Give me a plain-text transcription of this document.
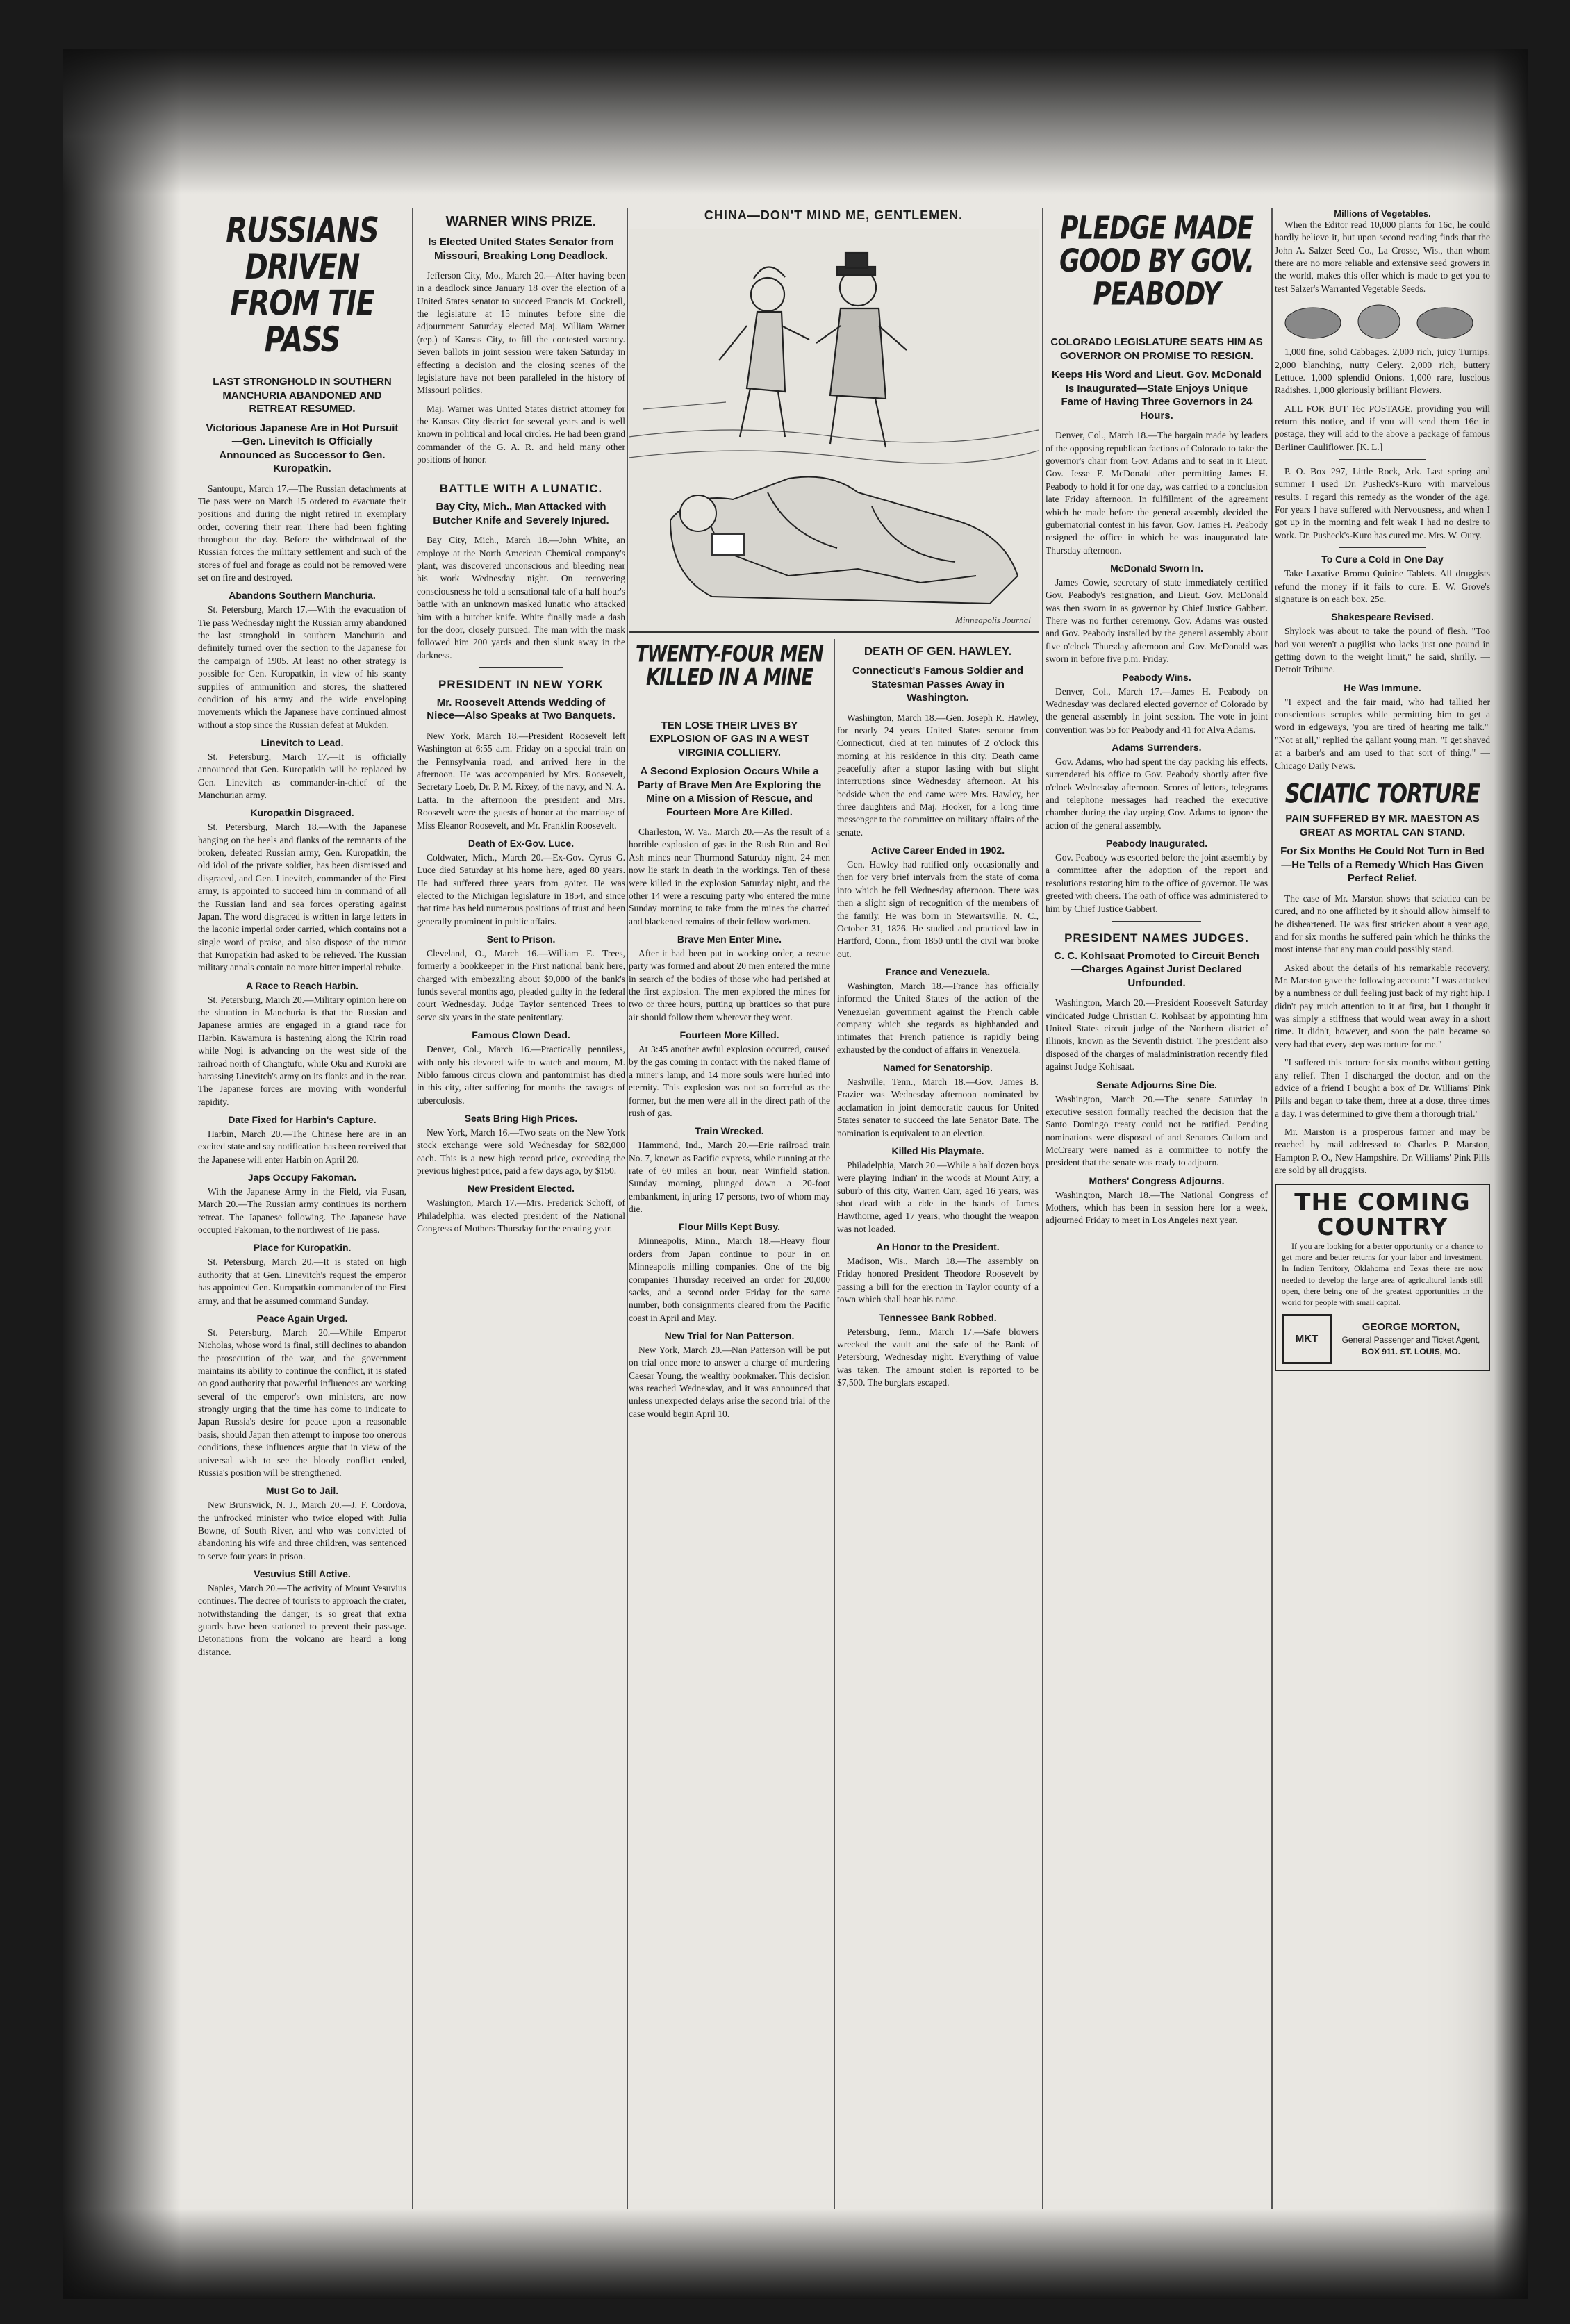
RUSSIANS DRIVEN FROM TIE PASS
LAST STRONGHOLD IN SOUTHERN MANCHURIA ABANDONED AND RETREAT RESUMED.
Victorious Japanese Are in Hot Pursuit—Gen. Linevitch Is Officially Announced as Successor to Gen. Kuropatkin.

Santoupu, March 17.—The Russian detachments at Tie pass were on March 15 ordered to evacuate their positions and during the night retired in exemplary order, covering their rear. There had been fighting throughout the day. Before the withdrawal of the Russian forces the military settlement and such of the stores of fuel and forage as could not be removed were set on fire and destroyed.

Abandons Southern Manchuria.

St. Petersburg, March 17.—With the evacuation of Tie pass Wednesday night the Russian army abandoned the last stronghold in southern Manchuria and definitely turned over the section to the Japanese for the campaign of 1905. At least no other strategy is possible for Gen. Kuropatkin, in view of his scanty supplies of ammunition and stores, the shattered condition of his army and the wide enveloping movements which the Japanese have continued almost without a stop since the Russian defeat at Mukden.

Linevitch to Lead.

St. Petersburg, March 17.—It is officially announced that Gen. Kuropatkin will be replaced by Gen. Linevitch as commander-in-chief of the Manchurian army.

Kuropatkin Disgraced.

St. Petersburg, March 18.—With the Japanese hanging on the heels and flanks of the remnants of the broken, defeated Russian army, Gen. Kuropatkin, the old idol of the private soldier, has been dismissed and disgraced, and Gen. Linevitch, commander of the First army, is appointed to succeed him in command of all the Russian land and sea forces operating against Japan. The word disgraced is written in large letters in the laconic imperial order carried, which contains not a single word of praise, and also dispose of the rumor that Kuropatkin had asked to be relieved. The Russian military annals contain no more bitter imperial rebuke.

A Race to Reach Harbin.

St. Petersburg, March 20.—Military opinion here on the situation in Manchuria is that the Russian and Japanese armies are engaged in a grand race for Harbin. Kawamura is hastening along the Kirin road while Nogi is advancing on the west side of the railroad north of Changtufu, while Oku and Kuroki are harassing Linevitch's army on its flanks and in the rear. The Japanese forces are moving with wonderful rapidity.

Date Fixed for Harbin's Capture.

Harbin, March 20.—The Chinese here are in an excited state and say notification has been received that the Japanese will enter Harbin on April 20.

Japs Occupy Fakoman.

With the Japanese Army in the Field, via Fusan, March 20.—The Russian army continues its northern retreat. The Japanese following. The Japanese have occupied Fakoman, to the northwest of Tie pass.

Place for Kuropatkin.

St. Petersburg, March 20.—It is stated on high authority that at Gen. Linevitch's request the emperor has appointed Gen. Kuropatkin commander of the First army, and that he assumed command Sunday.

Peace Again Urged.

St. Petersburg, March 20.—While Emperor Nicholas, whose word is final, still declines to abandon the prosecution of the war, and the government maintains its ability to continue the conflict, it is stated on good authority that powerful influences are working several of the emperor's own ministers, are now strongly urging that the time has come to indicate to Japan Russia's desire for peace upon a reasonable basis, should Japan then attempt to impose too onerous conditions, these influences argue that in view of the universal wish to see the bloody conflict ended, Russia's position will be strengthened.

Must Go to Jail.

New Brunswick, N. J., March 20.—J. F. Cordova, the unfrocked minister who twice eloped with Julia Bowne, of South River, and who was convicted of abandoning his wife and three children, was sentenced to serve four years in prison.

Vesuvius Still Active.

Naples, March 20.—The activity of Mount Vesuvius continues. The decree of tourists to approach the crater, notwithstanding the danger, is so great that extra guards have been stationed to prevent their passage. Detonations from the volcano are heard a long distance.

WARNER WINS PRIZE.
Is Elected United States Senator from Missouri, Breaking Long Deadlock.

Jefferson City, Mo., March 20.—After having been in a deadlock since January 18 over the election of a United States senator to succeed Francis M. Cockrell, the legislature at 15 minutes before sine die adjournment Saturday elected Maj. William Warner (rep.) of Kansas City, to fill the contested vacancy. Seven ballots in joint session were taken Saturday in effecting a decision and the closing scenes of the legislature have not been paralleled in the history of Missouri politics.

Maj. Warner was United States district attorney for the Kansas City district for several years and is well known in political and local circles. He had been grand commander of the G. A. R. and held many other positions of honor.

BATTLE WITH A LUNATIC.
Bay City, Mich., Man Attacked with Butcher Knife and Severely Injured.

Bay City, Mich., March 18.—John White, an employe at the North American Chemical company's plant, was discovered unconscious and bleeding near his work Wednesday night. On recovering consciousness he told a sensational tale of a half hour's battle with an unknown masked lunatic who attacked him with a butcher knife. White finally made a dash for the door, closely pursued. The man with the mask followed him 200 yards and then slunk away in the darkness.

PRESIDENT IN NEW YORK
Mr. Roosevelt Attends Wedding of Niece—Also Speaks at Two Banquets.

New York, March 18.—President Roosevelt left Washington at 6:55 a.m. Friday on a special train on the Pennsylvania road, and arrived here in the afternoon. He was accompanied by Mrs. Roosevelt, Secretary Loeb, Dr. P. M. Rixey, of the navy, and N. A. Latta. In the afternoon the president and Mrs. Roosevelt were the guests of honor at the marriage of Miss Eleanor Roosevelt, and Mr. Franklin Roosevelt.

Death of Ex-Gov. Luce.

Coldwater, Mich., March 20.—Ex-Gov. Cyrus G. Luce died Saturday at his home here, aged 80 years. He had suffered three years from goiter. He was elected to the Michigan legislature in 1854, and since that time has held numerous positions of trust and been generally prominent in public affairs.

Sent to Prison.

Cleveland, O., March 16.—William E. Trees, formerly a bookkeeper in the First national bank here, charged with embezzling about $9,000 of the bank's funds several months ago, pleaded guilty in the federal court Wednesday. Judge Taylor sentenced Trees to serve six years in the state penitentiary.

Famous Clown Dead.

Denver, Col., March 16.—Practically penniless, with only his devoted wife to watch and mourn, M. Niblo famous circus clown and pantomimist has died in this city, after suffering for months the ravages of tuberculosis.

Seats Bring High Prices.

New York, March 16.—Two seats on the New York stock exchange were sold Wednesday for $82,000 each. This is a new high record price, exceeding the previous highest price, paid a few days ago, by $150.

New President Elected.

Washington, March 17.—Mrs. Frederick Schoff, of Philadelphia, was elected president of the National Congress of Mothers Thursday for the ensuing year.

CHINA—DON'T MIND ME, GENTLEMEN.
Minneapolis Journal
TWENTY-FOUR MEN KILLED IN A MINE
TEN LOSE THEIR LIVES BY EXPLOSION OF GAS IN A WEST VIRGINIA COLLIERY.
A Second Explosion Occurs While a Party of Brave Men Are Exploring the Mine on a Mission of Rescue, and Fourteen More Are Killed.

Charleston, W. Va., March 20.—As the result of a horrible explosion of gas in the Rush Run and Red Ash mines near Thurmond Saturday night, 24 men now lie stark in death in the workings. Ten of these were killed in the explosion Saturday night, and the other 14 were a rescuing party who entered the mine Sunday morning to take from the mines the charred and blackened remains of their fellow workmen.

Brave Men Enter Mine.

After it had been put in working order, a rescue party was formed and about 20 men entered the mine in search of the bodies of those who had perished at the first explosion. The men explored the mines for two or three hours, putting up brattices so that pure air should follow them wherever they went.

Fourteen More Killed.

At 3:45 another awful explosion occurred, caused by the gas coming in contact with the naked flame of a miner's lamp, and 14 more souls were hurled into eternity. This explosion was not so forceful as the former, but the men were all in the direct path of the rush of gas.

Train Wrecked.

Hammond, Ind., March 20.—Erie railroad train No. 7, known as Pacific express, while running at the rate of 60 miles an hour, near Winfield station, Sunday morning, plunged down a 20-foot embankment, injuring 17 persons, two of whom may die.

Flour Mills Kept Busy.

Minneapolis, Minn., March 18.—Heavy flour orders from Japan continue to pour in on Minneapolis milling companies. One of the big companies Thursday received an order for 20,000 sacks, and a second order Friday for the same number, both consignments cleared from the Pacific coast in April and May.

New Trial for Nan Patterson.

New York, March 20.—Nan Patterson will be put on trial once more to answer a charge of murdering Caesar Young, the wealthy bookmaker. This decision was reached Wednesday, and it was announced that unless unexpected delays arise the second trial of the case would begin April 10.

DEATH OF GEN. HAWLEY.
Connecticut's Famous Soldier and Statesman Passes Away in Washington.

Washington, March 18.—Gen. Joseph R. Hawley, for nearly 24 years United States senator from Connecticut, died at ten minutes of 2 o'clock this morning at his residence in this city. Death came peacefully after a stupor lasting with but slight interruptions since Wednesday afternoon. At his bedside when the end came were Mrs. Hawley, her three daughters and Maj. Hooker, for a long time messenger to the committee on military affairs of the senate.

Active Career Ended in 1902.

Gen. Hawley had ratified only occasionally and then for very brief intervals from the state of coma into which he fell Wednesday afternoon. There was then a slight sign of recognition of the members of the family. He was born in Stewartsville, N. C., October 31, 1826. He studied and practiced law in Hartford, Conn., from 1850 until the civil war broke out.

France and Venezuela.

Washington, March 18.—France has officially informed the United States of the action of the Venezuelan government against the French cable company which she regards as highhanded and intimates that French patience is rapidly being exhausted by the conduct of affairs in Venezuela.

Named for Senatorship.

Nashville, Tenn., March 18.—Gov. James B. Frazier was Wednesday afternoon nominated by acclamation in joint democratic caucus for United States senator to succeed the late Senator Bate. The nomination is equivalent to an election.

Killed His Playmate.

Philadelphia, March 20.—While a half dozen boys were playing 'Indian' in the woods at Mount Airy, a suburb of this city, Warren Carr, aged 16 years, was shot dead with a ride in the hands of James Hawthorne, aged 17 years, who thought the weapon was not loaded.

An Honor to the President.

Madison, Wis., March 18.—The assembly on Friday honored President Theodore Roosevelt by passing a bill for the erection in Taylor county of a town which shall bear his name.

Tennessee Bank Robbed.

Petersburg, Tenn., March 17.—Safe blowers wrecked the vault and the safe of the Bank of Petersburg, Wednesday night. Everything of value was taken. The amount stolen is reported to be $7,500. The burglars escaped.

PLEDGE MADE GOOD BY GOV. PEABODY
COLORADO LEGISLATURE SEATS HIM AS GOVERNOR ON PROMISE TO RESIGN.
Keeps His Word and Lieut. Gov. McDonald Is Inaugurated—State Enjoys Unique Fame of Having Three Governors in 24 Hours.

Denver, Col., March 18.—The bargain made by leaders of the opposing republican factions of Colorado to take the governor's chair from Gov. Adams and to seat in it Lieut. Gov. Jesse F. McDonald after permitting James H. Peabody to hold it for one day, was carried to a conclusion late Friday afternoon. In fulfillment of the agreement which he made before the general assembly decided the gubernatorial contest in his favor, Gov. James H. Peabody resigned the office in which he was inaugurated late Thursday afternoon.

McDonald Sworn In.

James Cowie, secretary of state immediately certified Gov. Peabody's resignation, and Lieut. Gov. McDonald was then sworn in as governor by Chief Justice Gabbert. There was no further ceremony. Gov. Adams was ousted and Gov. Peabody installed by the general assembly about five o'clock Thursday afternoon and Gov. McDonald was sworn in before five p.m. Friday.

Peabody Wins.

Denver, Col., March 17.—James H. Peabody on Wednesday was declared elected governor of Colorado by the general assembly in joint session. The vote in joint convention was 55 for Peabody and 41 for Alva Adams.

Adams Surrenders.

Gov. Adams, who had spent the day packing his effects, surrendered his office to Gov. Peabody shortly after five o'clock Wednesday afternoon. Scores of letters, telegrams and telephone messages had reached the executive chamber during the day urging Gov. Adams to ignore the action of the general assembly.

Peabody Inaugurated.

Gov. Peabody was escorted before the joint assembly by a committee after the adoption of the report and resolutions restoring him to the office of governor. He was greeted with cheers. The oath of office was administered to him by Chief Justice Gabbert.

PRESIDENT NAMES JUDGES.
C. C. Kohlsaat Promoted to Circuit Bench—Charges Against Jurist Declared Unfounded.

Washington, March 20.—President Roosevelt Saturday vindicated Judge Christian C. Kohlsaat by appointing him United States circuit judge of the Northern district of Illinois, known as the Seventh district. The president also disposed of the charges of maladministration recently filed against Judge Kohlsaat.

Senate Adjourns Sine Die.

Washington, March 20.—The senate Saturday in executive session formally reached the decision that the Santo Domingo treaty could not be ratified. Pending nominations were disposed of and Senators Cullom and McCreary were named as a committee to notify the president that the senate was ready to adjourn.

Mothers' Congress Adjourns.

Washington, March 18.—The National Congress of Mothers, which has been in session here for a week, adjourned Friday to meet in Los Angeles next year.

Millions of Vegetables.

When the Editor read 10,000 plants for 16c, he could hardly believe it, but upon second reading finds that the John A. Salzer Seed Co., La Crosse, Wis., than whom there are no more reliable and extensive seed growers in the world, makes this offer which is made to get you to test Salzer's Warranted Vegetable Seeds.

1,000 fine, solid Cabbages. 2,000 rich, juicy Turnips. 2,000 blanching, nutty Celery. 2,000 rich, buttery Lettuce. 1,000 splendid Onions. 1,000 rare, luscious Radishes. 1,000 gloriously brilliant Flowers.

ALL FOR BUT 16c POSTAGE, providing you will return this notice, and if you will send them 16c in postage, they will add to the above a package of famous Berliner Cauliflower. [K. L.]

P. O. Box 297, Little Rock, Ark. Last spring and summer I used Dr. Pusheck's-Kuro with marvelous results. I regard this remedy as the wonder of the age. For years I have suffered with Nervousness, and when I got up in the morning and felt weak I had no desire to work. Dr. Pusheck's-Kuro has cured me. Mrs. W. Oury.

To Cure a Cold in One Day

Take Laxative Bromo Quinine Tablets. All druggists refund the money if it fails to cure. E. W. Grove's signature is on each box. 25c.

Shakespeare Revised.

Shylock was about to take the pound of flesh. "Too bad you weren't a pugilist who lacks just one pound in getting down to the weight limit," he said, shrilly. —Detroit Tribune.

He Was Immune.

"I expect and the fair maid, who had tallied her conscientious scruples while permitting him to get a word in edgeways, 'you are tired of hearing me talk.'" "Not at all," replied the gallant young man. "I get shaved at a barber's and am used to that sort of thing." —Chicago Daily News.

SCIATIC TORTURE
PAIN SUFFERED BY MR. MAESTON AS GREAT AS MORTAL CAN STAND.
For Six Months He Could Not Turn in Bed—He Tells of a Remedy Which Has Given Perfect Relief.

The case of Mr. Marston shows that sciatica can be cured, and no one afflicted by it should allow himself to be disheartened. He was first stricken about a year ago, and for six months he suffered pain which he thinks the most intense that any man could possibly stand.

Asked about the details of his remarkable recovery, Mr. Marston gave the following account: "I was attacked by a numbness or dull feeling just back of my right hip. I didn't pay much attention to it at first, but I thought it was simply a stiffness that would wear away in a short time. It didn't, however, and soon the pain became so very bad that every step was torture for me."

"I suffered this torture for six months without getting any relief. Then I discharged the doctor, and on the advice of a friend I bought a box of Dr. Williams' Pink Pills and began to take them, three at a dose, three times a day. I was determined to give them a thorough trial."

Mr. Marston is a prosperous farmer and may be reached by mail addressed to Charles P. Marston, Hampton P. O., New Hampshire. Dr. Williams' Pink Pills are sold by all druggists.

THE COMING COUNTRY

If you are looking for a better opportunity or a chance to get more and better returns for your labor and investment. In Indian Territory, Oklahoma and Texas there are now needed to develop the large area of agricultural lands still open, there being one of the greatest opportunities in the world for people with small capital.

MKT
GEORGE MORTON,
General Passenger and Ticket Agent,
BOX 911. ST. LOUIS, MO.
